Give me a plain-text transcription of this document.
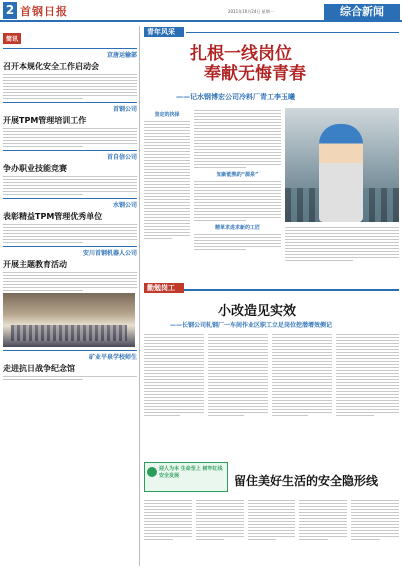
2 首钢日报	2011年10月24日 星期一	综合新闻
简讯
京唐运输部
召开本规化安全工作启动会
首钢公司
开展TPM管理培训工作
首自信公司
争办职业技能竞赛
水钢公司
表彰精益TPM管理优秀单位
安川首钢机器人公司
开展主题教育活动
矿业平泉学校师生
走进抗日战争纪念馆
青年风采
扎根一线岗位
奉献无悔青春
——记水钢博宏公司冷料厂青工李玉曦
坚定的抉择
知新能熟的“源泉”
精革求进求新的工匠
勤勉岗工
小改造见实效
——长钢公司轧钢厂一车间作业区职工立足岗位挖潜增效侧记
迎人为本 生命至上 树牢红线 安全发展	留住美好生活的安全隐形线
